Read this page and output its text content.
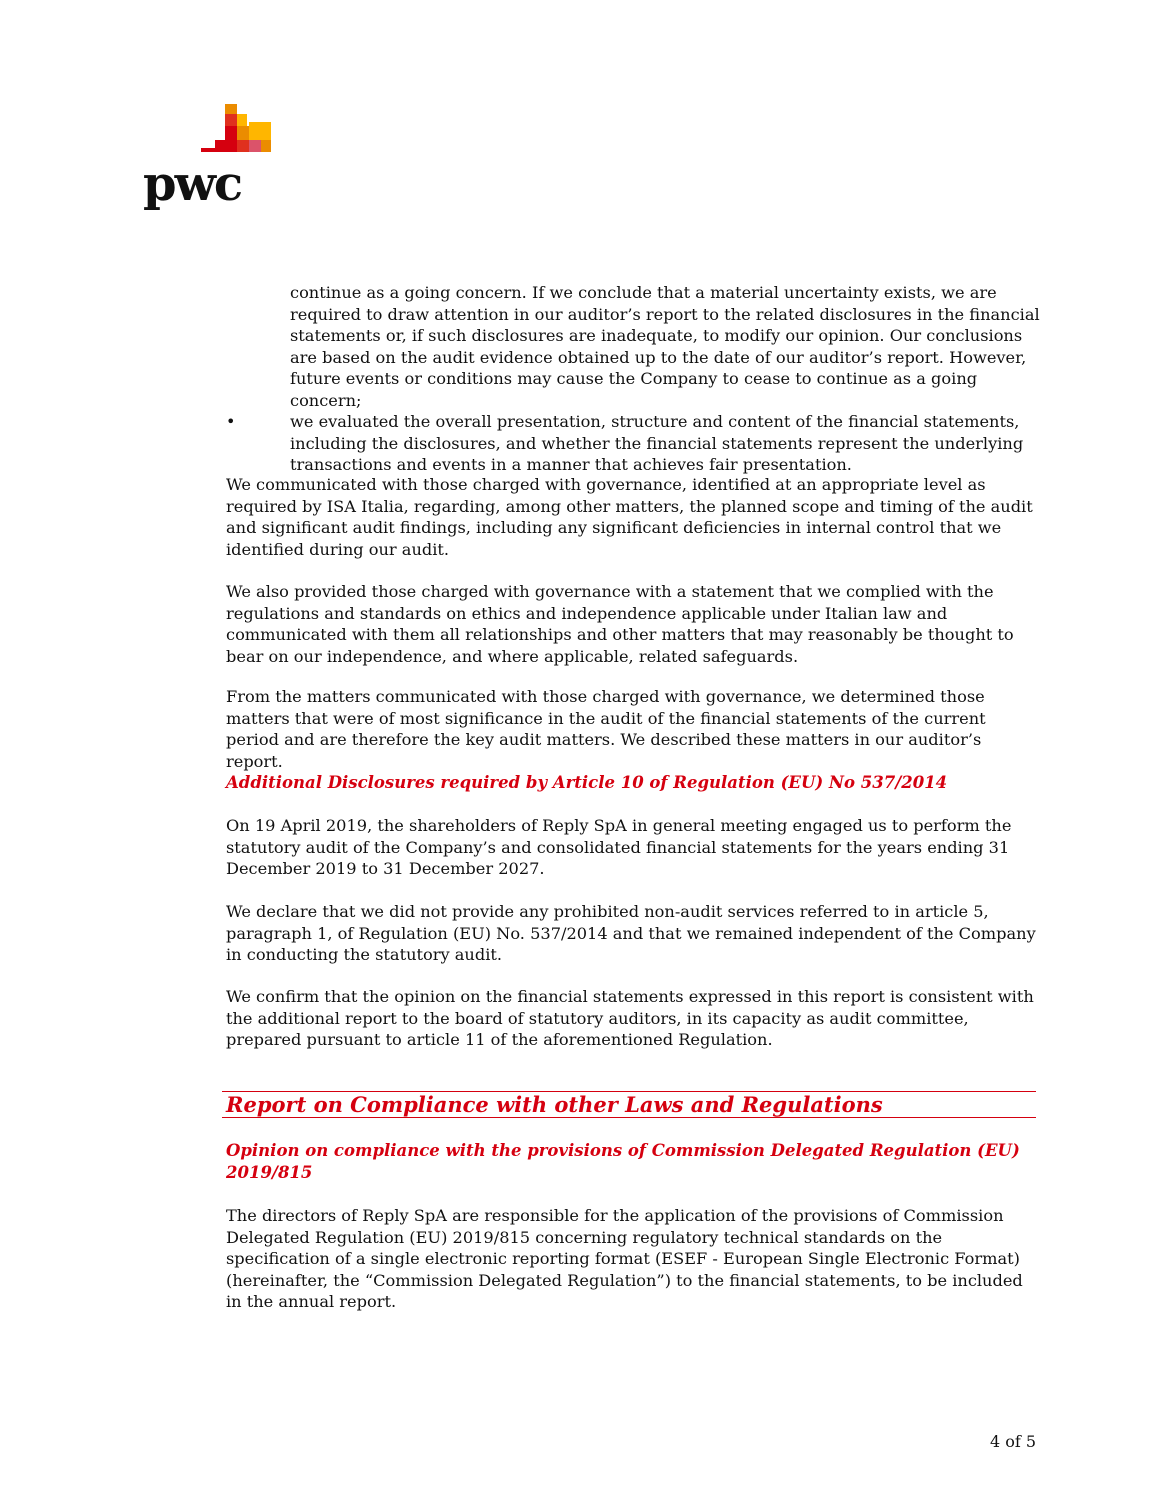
pwc

continue as a going concern. If we conclude that a material uncertainty exists, we are required to draw attention in our auditor’s report to the related disclosures in the financial statements or, if such disclosures are inadequate, to modify our opinion. Our conclusions are based on the audit evidence obtained up to the date of our auditor’s report. However, future events or conditions may cause the Company to cease to continue as a going concern;

•	we evaluated the overall presentation, structure and content of the financial statements, including the disclosures, and whether the financial statements represent the underlying transactions and events in a manner that achieves fair presentation.

We communicated with those charged with governance, identified at an appropriate level as required by ISA Italia, regarding, among other matters, the planned scope and timing of the audit and significant audit findings, including any significant deficiencies in internal control that we identified during our audit.

We also provided those charged with governance with a statement that we complied with the regulations and standards on ethics and independence applicable under Italian law and communicated with them all relationships and other matters that may reasonably be thought to bear on our independence, and where applicable, related safeguards.

From the matters communicated with those charged with governance, we determined those matters that were of most significance in the audit of the financial statements of the current period and are therefore the key audit matters. We described these matters in our auditor’s report.

Additional Disclosures required by Article 10 of Regulation (EU) No 537/2014

On 19 April 2019, the shareholders of Reply SpA in general meeting engaged us to perform the statutory audit of the Company’s and consolidated financial statements for the years ending 31 December 2019 to 31 December 2027.

We declare that we did not provide any prohibited non-audit services referred to in article 5, paragraph 1, of Regulation (EU) No. 537/2014 and that we remained independent of the Company in conducting the statutory audit.

We confirm that the opinion on the financial statements expressed in this report is consistent with the additional report to the board of statutory auditors, in its capacity as audit committee, prepared pursuant to article 11 of the aforementioned Regulation.

Report on Compliance with other Laws and Regulations
Opinion on compliance with the provisions of Commission Delegated Regulation (EU) 2019/815

The directors of Reply SpA are responsible for the application of the provisions of Commission Delegated Regulation (EU) 2019/815 concerning regulatory technical standards on the specification of a single electronic reporting format (ESEF - European Single Electronic Format) (hereinafter, the “Commission Delegated Regulation”) to the financial statements, to be included in the annual report.

4 of 5
